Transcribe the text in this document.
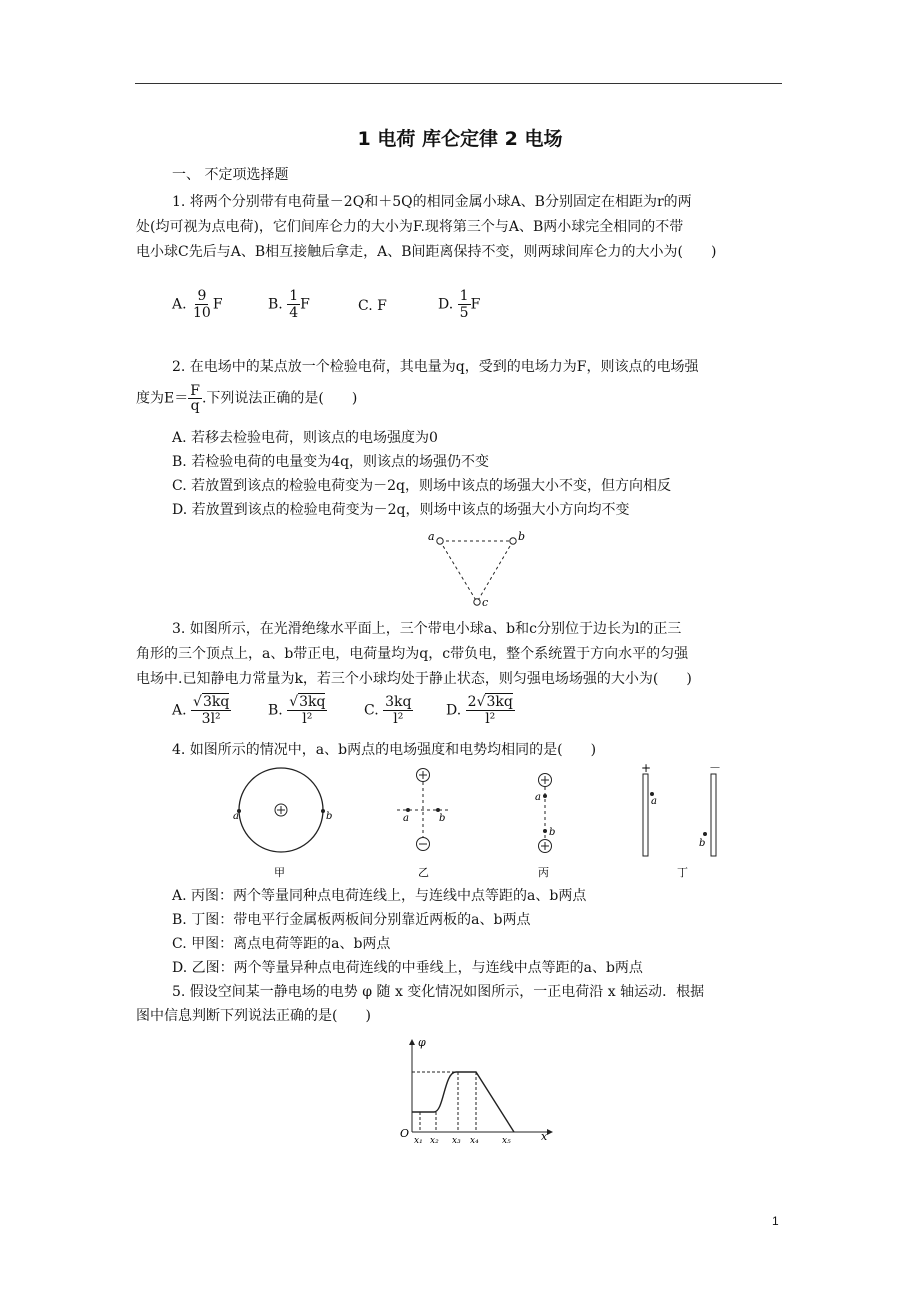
1 电荷 库仑定律 2 电场
一、 不定项选择题
1. 将两个分别带有电荷量－2Q和＋5Q的相同金属小球A、B分别固定在相距为r的两
处(均可视为点电荷)，它们间库仑力的大小为F.现将第三个与A、B两小球完全相同的不带
电小球C先后与A、B相互接触后拿走，A、B间距离保持不变，则两球间库仑力的大小为(　　)
A. $\frac{9}{10}$ F	B. $\frac{1}{4}$ F	C. F	D. $\frac{1}{5}$ F
2. 在电场中的某点放一个检验电荷，其电量为q，受到的电场力为F，则该点的电场强
度为$E= \frac{F}{q}$ .下列说法正确的是(　　)
A. 若移去检验电荷，则该点的电场强度为0
B. 若检验电荷的电量变为4q，则该点的场强仍不变
C. 若放置到该点的检验电荷变为－2q，则场中该点的场强大小不变，但方向相反
D. 若放置到该点的检验电荷变为－2q，则场中该点的场强大小方向均不变
a	b
c
3. 如图所示，在光滑绝缘水平面上，三个带电小球a、b和c分别位于边长为l的正三
角形的三个顶点上，a、b带正电，电荷量均为q，c带负电，整个系统置于方向水平的匀强
电场中.已知静电力常量为k，若三个小球均处于静止状态，则匀强电场场强的大小为(　　)
A. $\frac{√3kq}{\text{3l²}}$	B. $\frac{√3kq}{\text{l²}}$	C. $\frac{3kq}{\text{l²}} D$. $\frac{2√3kq}{\text{l²}}$
4. 如图所示的情况中，a、b两点的电场强度和电势均相同的是(　　)
a	b
甲
a	b
乙
a
b
丙
+	－
a
b
丁
A. 丙图：两个等量同种点电荷连线上，与连线中点等距的a、b两点
B. 丁图：带电平行金属板两板间分别靠近两板的a、b两点
C. 甲图：离点电荷等距的a、b两点
D. 乙图：两个等量异种点电荷连线的中垂线上，与连线中点等距的a、b两点
5. 假设空间某一静电场的电势 φ 随 x 变化情况如图所示，一正电荷沿 x 轴运动．根据
图中信息判断下列说法正确的是(　　)
φ
x
O
x₁ x₂ x₃ x₄	x₅
1
